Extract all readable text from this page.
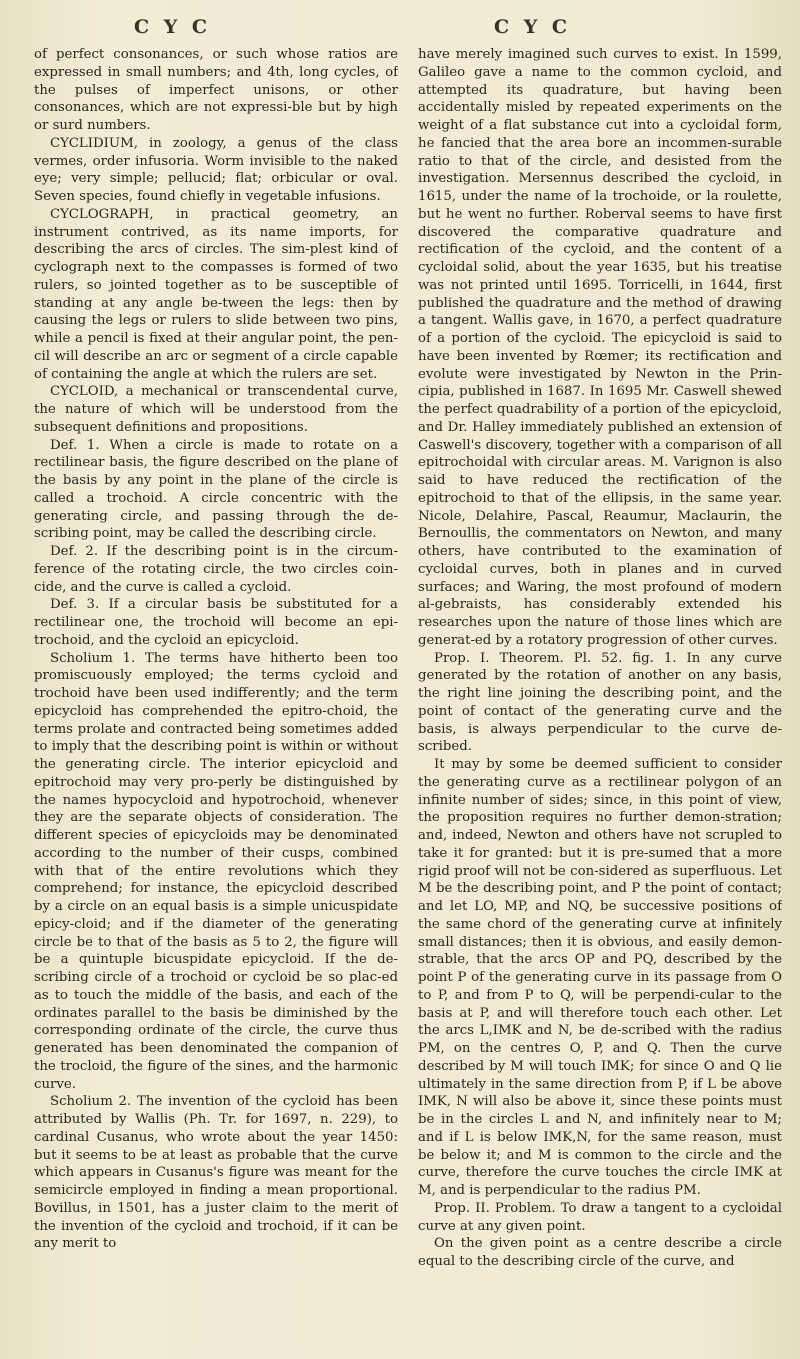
C Y C	C Y C

of perfect consonances, or such whose ratios are expressed in small numbers; and 4th, long cycles, of the pulses of imperfect unisons, or other consonances, which are not expressi-ble but by high or surd numbers.

CYCLIDIUM, in zoology, a genus of the class vermes, order infusoria. Worm invisible to the naked eye; very simple; pellucid; flat; orbicular or oval. Seven species, found chiefly in vegetable infusions.

CYCLOGRAPH, in practical geometry, an instrument contrived, as its name imports, for describing the arcs of circles. The sim-plest kind of cyclograph next to the compasses is formed of two rulers, so jointed together as to be susceptible of standing at any angle be-tween the legs: then by causing the legs or rulers to slide between two pins, while a pencil is fixed at their angular point, the pen-cil will describe an arc or segment of a circle capable of containing the angle at which the rulers are set.

CYCLOID, a mechanical or transcendental curve, the nature of which will be understood from the subsequent definitions and propositions.

Def. 1. When a circle is made to rotate on a rectilinear basis, the figure described on the plane of the basis by any point in the plane of the circle is called a trochoid. A circle concentric with the generating circle, and passing through the de-scribing point, may be called the describing circle.

Def. 2. If the describing point is in the circum-ference of the rotating circle, the two circles coin-cide, and the curve is called a cycloid.

Def. 3. If a circular basis be substituted for a rectilinear one, the trochoid will become an epi-trochoid, and the cycloid an epicycloid.

Scholium 1. The terms have hitherto been too promiscuously employed; the terms cycloid and trochoid have been used indifferently; and the term epicycloid has comprehended the epitro-choid, the terms prolate and contracted being sometimes added to imply that the describing point is within or without the generating circle. The interior epicycloid and epitrochoid may very pro-perly be distinguished by the names hypocycloid and hypotrochoid, whenever they are the separate objects of consideration. The different species of epicycloids may be denominated according to the number of their cusps, combined with that of the entire revolutions which they comprehend; for instance, the epicycloid described by a circle on an equal basis is a simple unicuspidate epicy-cloid; and if the diameter of the generating circle be to that of the basis as 5 to 2, the figure will be a quintuple bicuspidate epicycloid. If the de-scribing circle of a trochoid or cycloid be so plac-ed as to touch the middle of the basis, and each of the ordinates parallel to the basis be diminished by the corresponding ordinate of the circle, the curve thus generated has been denominated the companion of the trocloid, the figure of the sines, and the harmonic curve.

Scholium 2. The invention of the cycloid has been attributed by Wallis (Ph. Tr. for 1697, n. 229), to cardinal Cusanus, who wrote about the year 1450: but it seems to be at least as probable that the curve which appears in Cusanus's figure was meant for the semicircle employed in finding a mean proportional. Bovillus, in 1501, has a juster claim to the merit of the invention of the cycloid and trochoid, if it can be any merit to

have merely imagined such curves to exist. In 1599, Galileo gave a name to the common cycloid, and attempted its quadrature, but having been accidentally misled by repeated experiments on the weight of a flat substance cut into a cycloidal form, he fancied that the area bore an incommen-surable ratio to that of the circle, and desisted from the investigation. Mersennus described the cycloid, in 1615, under the name of la trochoide, or la roulette, but he went no further. Roberval seems to have first discovered the comparative quadrature and rectification of the cycloid, and the content of a cycloidal solid, about the year 1635, but his treatise was not printed until 1695. Torricelli, in 1644, first published the quadrature and the method of drawing a tangent. Wallis gave, in 1670, a perfect quadrature of a portion of the cycloid. The epicycloid is said to have been invented by Rœmer; its rectification and evolute were investigated by Newton in the Prin-cipia, published in 1687. In 1695 Mr. Caswell shewed the perfect quadrability of a portion of the epicycloid, and Dr. Halley immediately published an extension of Caswell's discovery, together with a comparison of all epitrochoidal with circular areas. M. Varignon is also said to have reduced the rectification of the epitrochoid to that of the ellipsis, in the same year. Nicole, Delahire, Pascal, Reaumur, Maclaurin, the Bernoullis, the commentators on Newton, and many others, have contributed to the examination of cycloidal curves, both in planes and in curved surfaces; and Waring, the most profound of modern al-gebraists, has considerably extended his researches upon the nature of those lines which are generat-ed by a rotatory progression of other curves.

Prop. I. Theorem. Pl. 52. fig. 1. In any curve generated by the rotation of another on any basis, the right line joining the describing point, and the point of contact of the generating curve and the basis, is always perpendicular to the curve de-scribed.

It may by some be deemed sufficient to consider the generating curve as a rectilinear polygon of an infinite number of sides; since, in this point of view, the proposition requires no further demon-stration; and, indeed, Newton and others have not scrupled to take it for granted: but it is pre-sumed that a more rigid proof will not be con-sidered as superfluous. Let M be the describing point, and P the point of contact; and let LO, MP, and NQ, be successive positions of the same chord of the generating curve at infinitely small distances; then it is obvious, and easily demon-strable, that the arcs OP and PQ, described by the point P of the generating curve in its passage from O to P, and from P to Q, will be perpendi-cular to the basis at P, and will therefore touch each other. Let the arcs L,IMK and N, be de-scribed with the radius PM, on the centres O, P, and Q. Then the curve described by M will touch IMK; for since O and Q lie ultimately in the same direction from P, if L be above IMK, N will also be above it, since these points must be in the circles L and N, and infinitely near to M; and if L is below IMK,N, for the same reason, must be below it; and M is common to the circle and the curve, therefore the curve touches the circle IMK at M, and is perpendicular to the radius PM.

Prop. II. Problem. To draw a tangent to a cycloidal curve at any given point.

On the given point as a centre describe a circle equal to the describing circle of the curve, and
